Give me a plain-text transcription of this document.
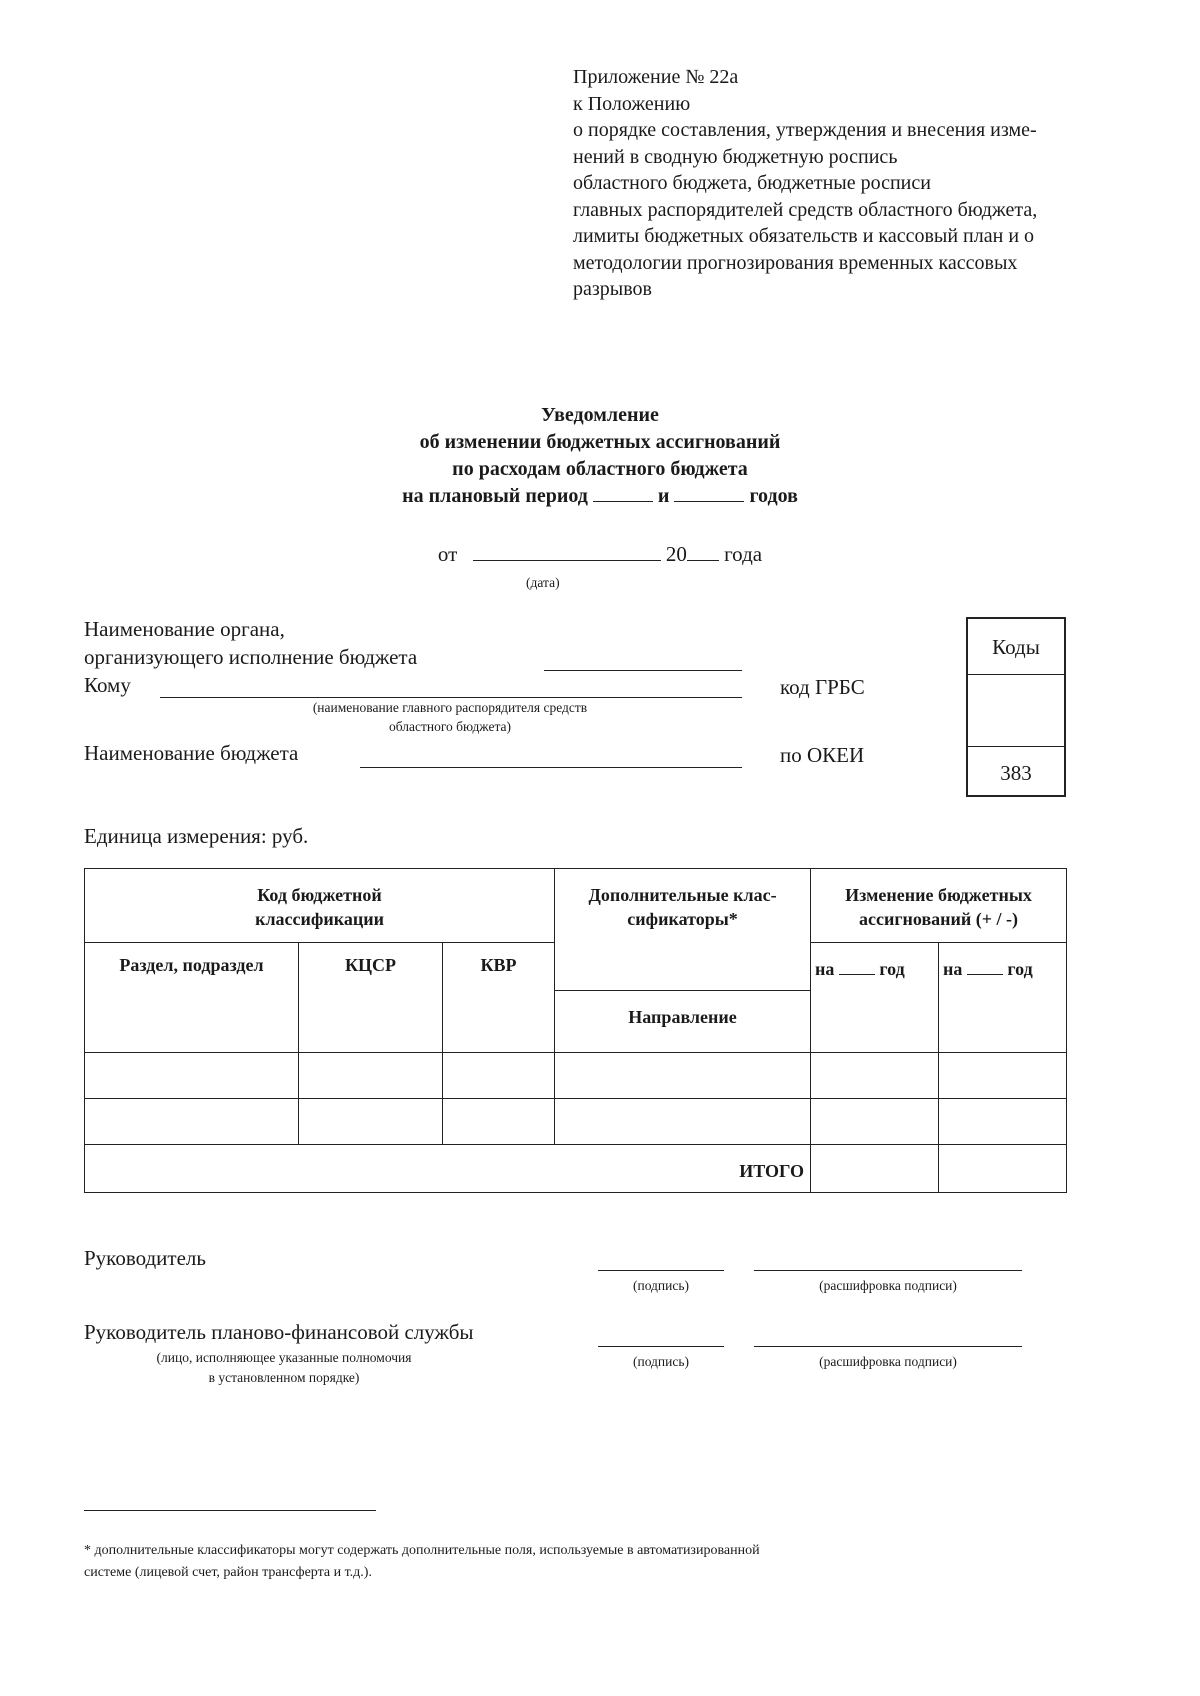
Приложение № 22а
к Положению
о порядке составления, утверждения и внесения изме-
нений в сводную бюджетную роспись
областного бюджета, бюджетные росписи
главных распорядителей средств областного бюджета,
лимиты бюджетных обязательств и кассовый план и о
методологии прогнозирования временных кассовых
разрывов
Уведомление
об изменении бюджетных ассигнований
по расходам областного бюджета
на плановый период	и	годов
от	20 года
(дата)
Наименование органа,
организующего исполнение бюджета
Кому
(наименование главного распорядителя средств
областного бюджета)
Наименование бюджета
код ГРБС
по ОКЕИ
Коды
383
Единица измерения: руб.
Код бюджетной классификации			Дополнительные клас-сификаторы*	Изменение бюджетных ассигнований (+ / -)	
Раздел, подраздел	КЦСР	КВР		на год	на год
			Направление		

ИТОГО					
Руководитель
(подпись)	(расшифровка подписи)
Руководитель планово-финансовой службы
(лицо, исполняющее указанные полномочия
в установленном порядке)
(подпись)	(расшифровка подписи)
* дополнительные классификаторы могут содержать дополнительные поля, используемые в автоматизированной
системе (лицевой счет, район трансферта и т.д.).
